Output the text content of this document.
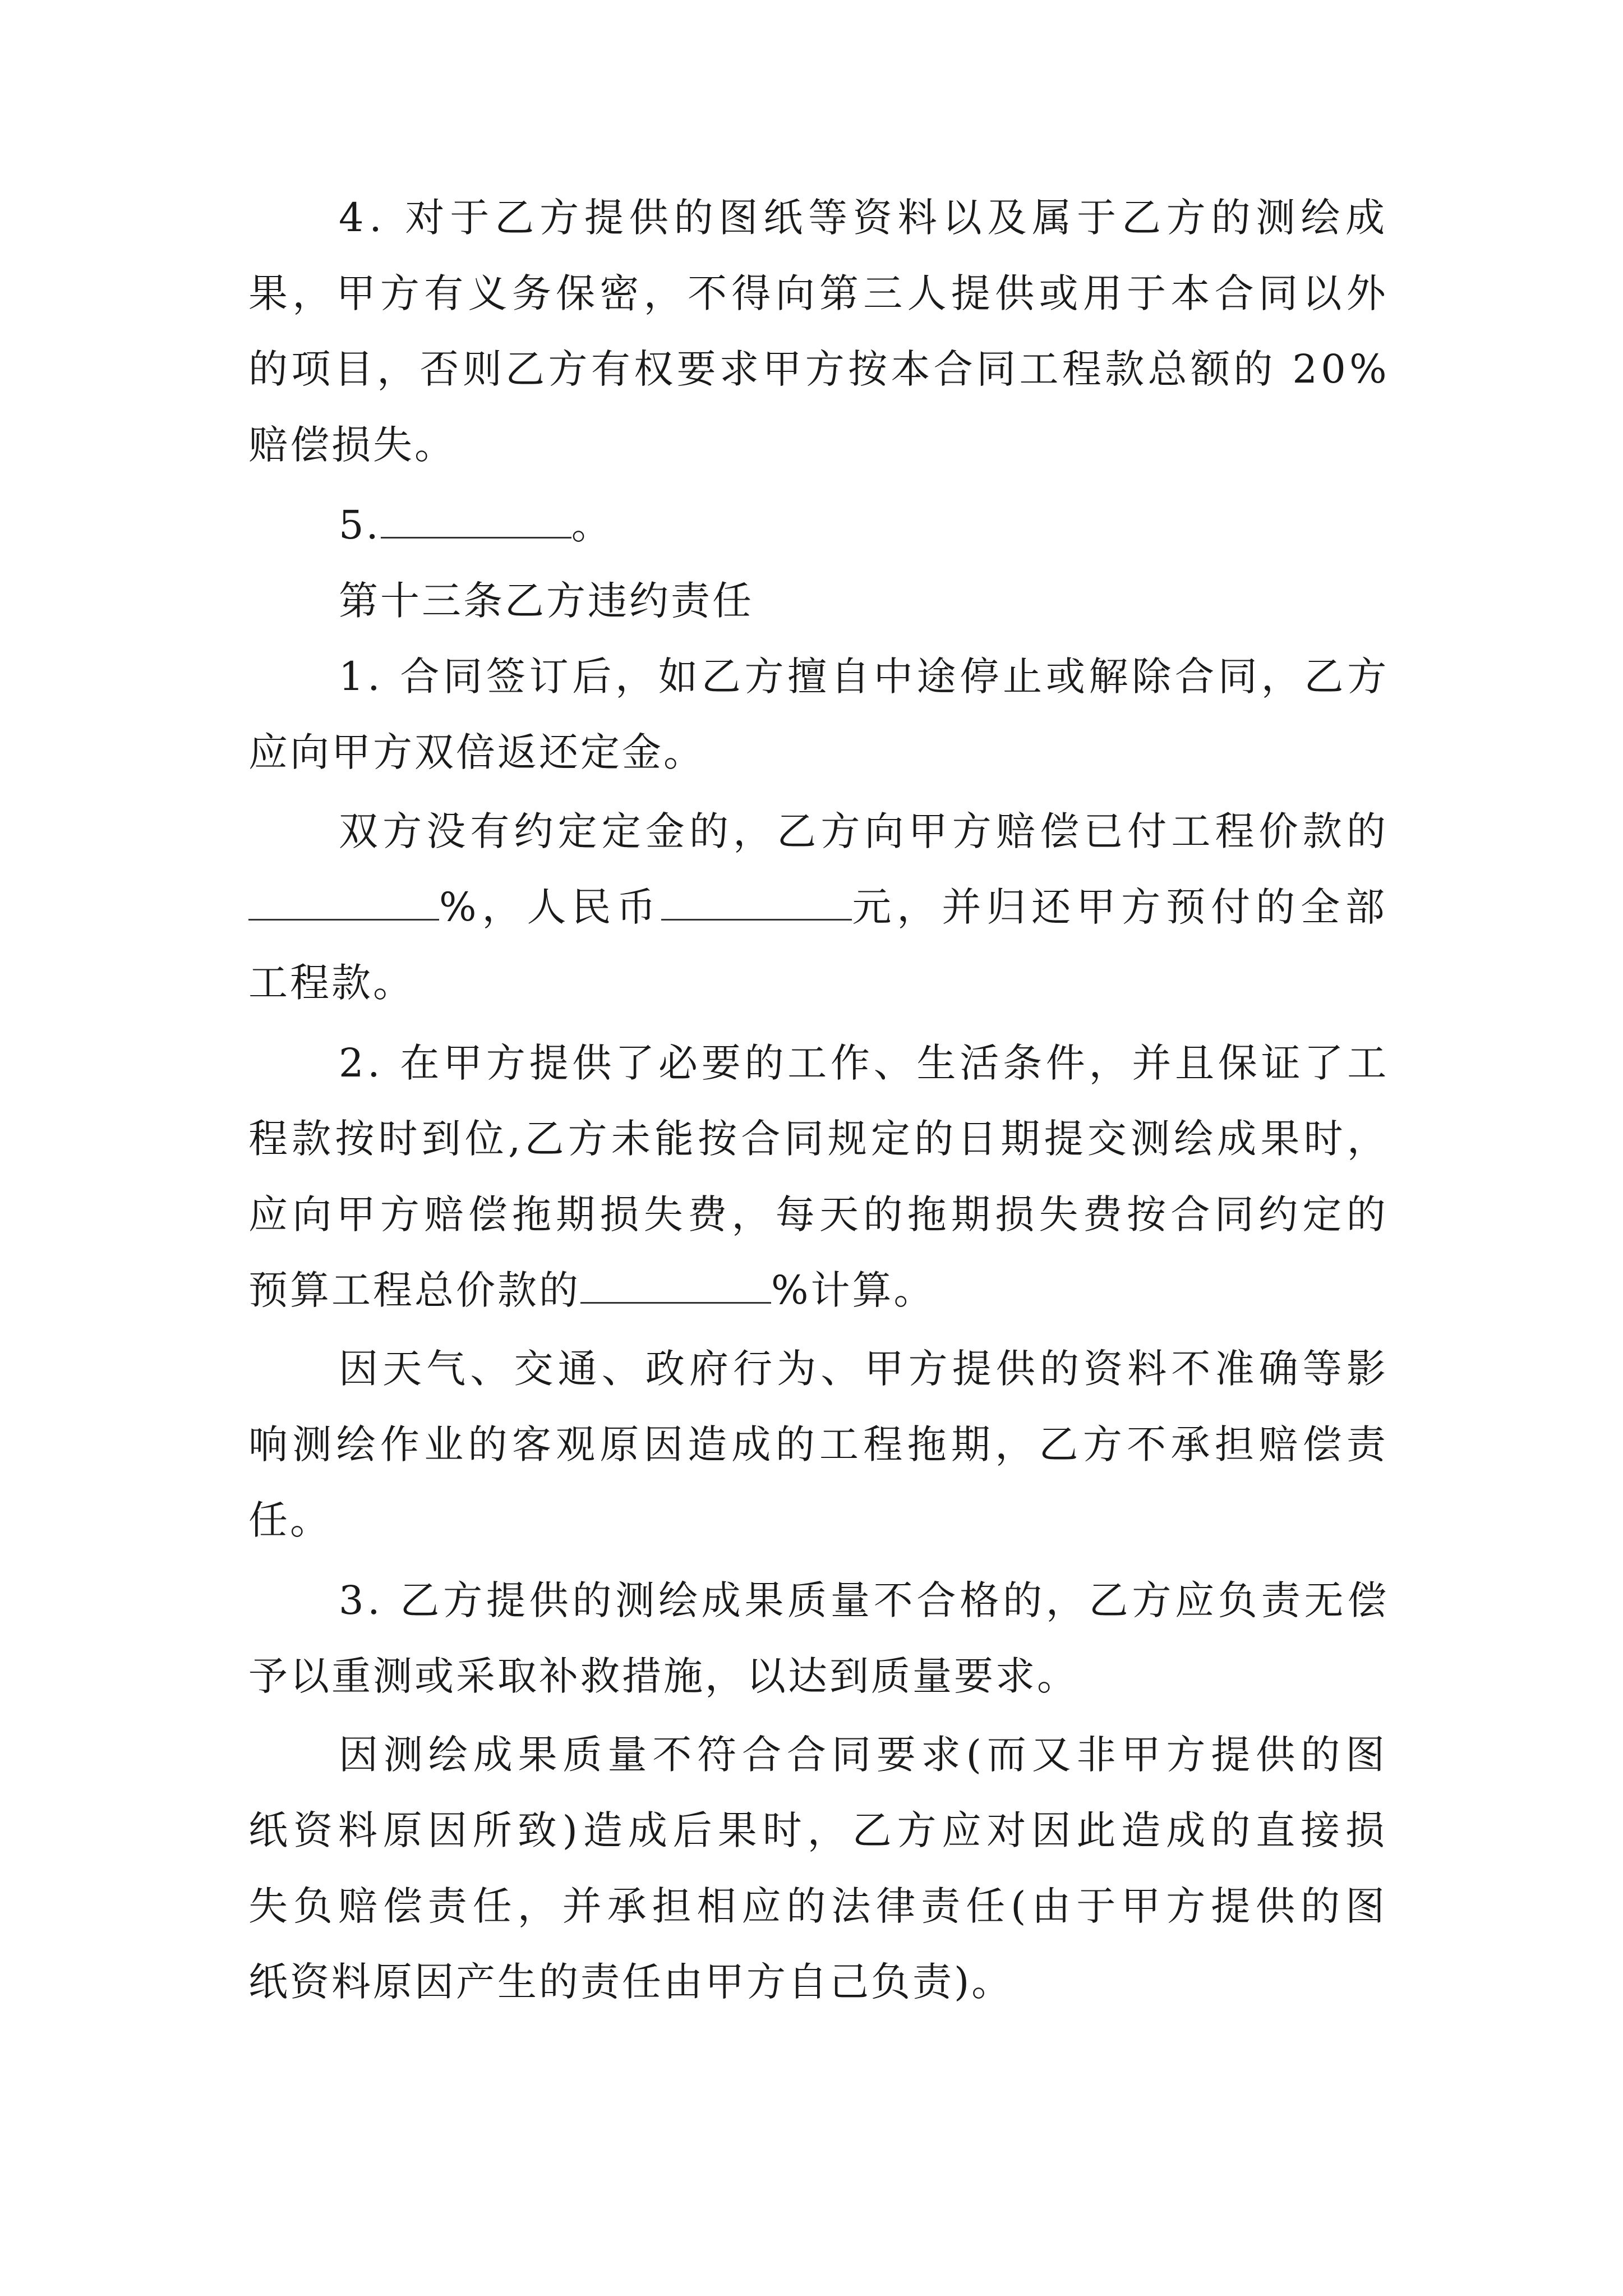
4. 对于乙方提供的图纸等资料以及属于乙方的测绘成
果，甲方有义务保密，不得向第三人提供或用于本合同以外
的项目，否则乙方有权要求甲方按本合同工程款总额的 20%
赔偿损失。
5.	。
第十三条乙方违约责任
1. 合同签订后，如乙方擅自中途停止或解除合同，乙方
应向甲方双倍返还定金。
双方没有约定定金的，乙方向甲方赔偿已付工程价款的
%，人民币	元，并归还甲方预付的全部
工程款。
2. 在甲方提供了必要的工作、生活条件，并且保证了工
程款按时到位,乙方未能按合同规定的日期提交测绘成果时，
应向甲方赔偿拖期损失费，每天的拖期损失费按合同约定的
预算工程总价款的	%计算。
因天气、交通、政府行为、甲方提供的资料不准确等影
响测绘作业的客观原因造成的工程拖期，乙方不承担赔偿责
任。
3. 乙方提供的测绘成果质量不合格的，乙方应负责无偿
予以重测或采取补救措施，以达到质量要求。
因测绘成果质量不符合合同要求(而又非甲方提供的图
纸资料原因所致)造成后果时，乙方应对因此造成的直接损
失负赔偿责任，并承担相应的法律责任(由于甲方提供的图
纸资料原因产生的责任由甲方自己负责)。
